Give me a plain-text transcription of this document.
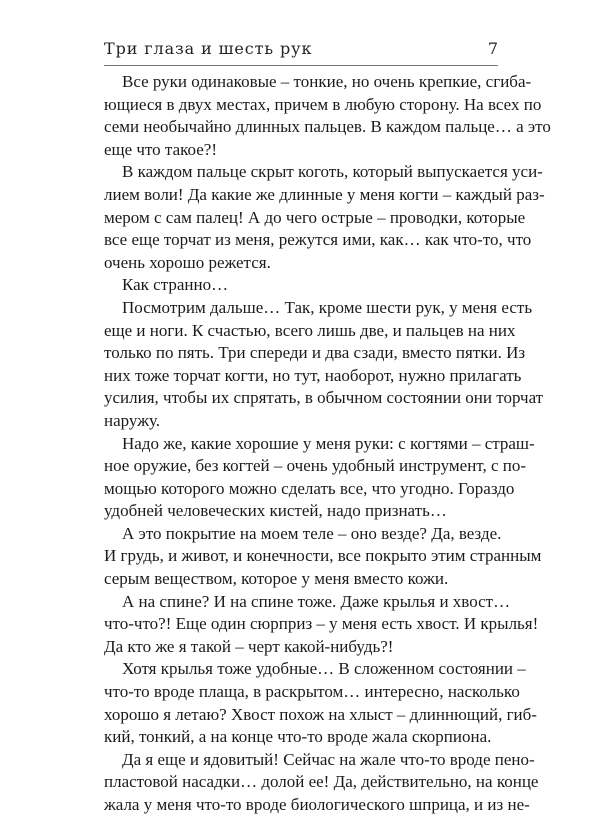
Три глаза и шесть рук	7
Все руки одинаковые – тонкие, но очень крепкие, сгиба-
ющиеся в двух местах, причем в любую сторону. На всех по
семи необычайно длинных пальцев. В каждом пальце… а это
еще что такое?!
В каждом пальце скрыт коготь, который выпускается уси-
лием воли! Да какие же длинные у меня когти – каждый раз-
мером с сам палец! А до чего острые – проводки, которые
все еще торчат из меня, режутся ими, как… как что-то, что
очень хорошо режется.
Как странно…
Посмотрим дальше… Так, кроме шести рук, у меня есть
еще и ноги. К счастью, всего лишь две, и пальцев на них
только по пять. Три спереди и два сзади, вместо пятки. Из
них тоже торчат когти, но тут, наоборот, нужно прилагать
усилия, чтобы их спрятать, в обычном состоянии они торчат
наружу.
Надо же, какие хорошие у меня руки: с когтями – страш-
ное оружие, без когтей – очень удобный инструмент, с по-
мощью которого можно сделать все, что угодно. Гораздо
удобней человеческих кистей, надо признать…
А это покрытие на моем теле – оно везде? Да, везде.
И грудь, и живот, и конечности, все покрыто этим странным
серым веществом, которое у меня вместо кожи.
А на спине? И на спине тоже. Даже крылья и хвост…
что-что?! Еще один сюрприз – у меня есть хвост. И крылья!
Да кто же я такой – черт какой-нибудь?!
Хотя крылья тоже удобные… В сложенном состоянии –
что-то вроде плаща, в раскрытом… интересно, насколько
хорошо я летаю? Хвост похож на хлыст – длиннющий, гиб-
кий, тонкий, а на конце что-то вроде жала скорпиона.
Да я еще и ядовитый! Сейчас на жале что-то вроде пено-
пластовой насадки… долой ее! Да, действительно, на конце
жала у меня что-то вроде биологического шприца, и из не-
